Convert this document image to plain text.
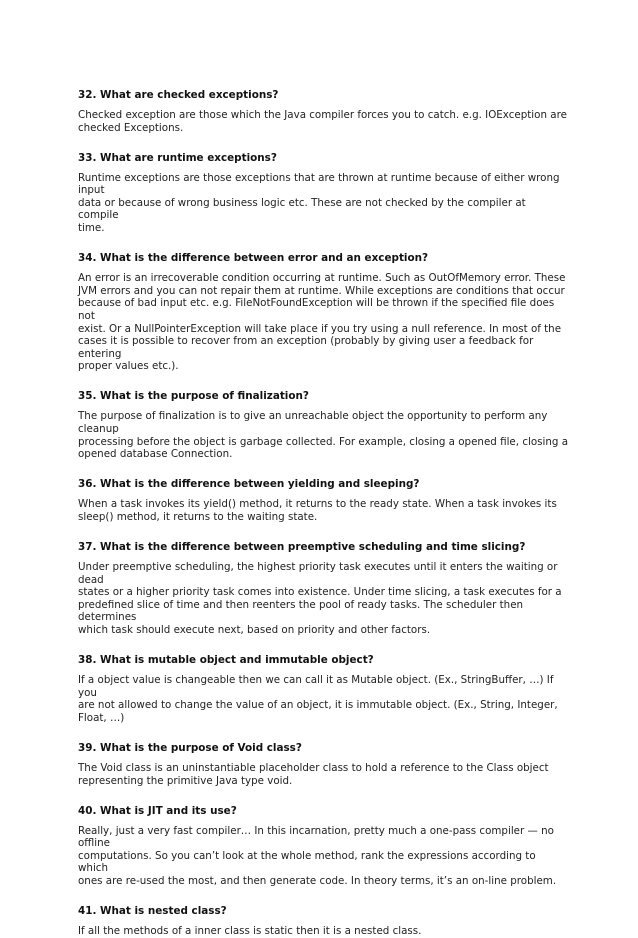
32. What are checked exceptions?
Checked exception are those which the Java compiler forces you to catch. e.g. IOException are
checked Exceptions.
33. What are runtime exceptions?
Runtime exceptions are those exceptions that are thrown at runtime because of either wrong input
data or because of wrong business logic etc. These are not checked by the compiler at compile
time.
34. What is the difference between error and an exception?
An error is an irrecoverable condition occurring at runtime. Such as OutOfMemory error. These
JVM errors and you can not repair them at runtime. While exceptions are conditions that occur
because of bad input etc. e.g. FileNotFoundException will be thrown if the specified file does not
exist. Or a NullPointerException will take place if you try using a null reference. In most of the
cases it is possible to recover from an exception (probably by giving user a feedback for entering
proper values etc.).
35. What is the purpose of finalization?
The purpose of finalization is to give an unreachable object the opportunity to perform any cleanup
processing before the object is garbage collected. For example, closing a opened file, closing a
opened database Connection.
36. What is the difference between yielding and sleeping?
When a task invokes its yield() method, it returns to the ready state. When a task invokes its
sleep() method, it returns to the waiting state.
37. What is the difference between preemptive scheduling and time slicing?
Under preemptive scheduling, the highest priority task executes until it enters the waiting or dead
states or a higher priority task comes into existence. Under time slicing, a task executes for a
predefined slice of time and then reenters the pool of ready tasks. The scheduler then determines
which task should execute next, based on priority and other factors.
38. What is mutable object and immutable object?
If a object value is changeable then we can call it as Mutable object. (Ex., StringBuffer, …) If you
are not allowed to change the value of an object, it is immutable object. (Ex., String, Integer,
Float, …)
39. What is the purpose of Void class?
The Void class is an uninstantiable placeholder class to hold a reference to the Class object
representing the primitive Java type void.
40. What is JIT and its use?
Really, just a very fast compiler… In this incarnation, pretty much a one-pass compiler — no offline
computations. So you can’t look at the whole method, rank the expressions according to which
ones are re-used the most, and then generate code. In theory terms, it’s an on-line problem.
41. What is nested class?
If all the methods of a inner class is static then it is a nested class.
